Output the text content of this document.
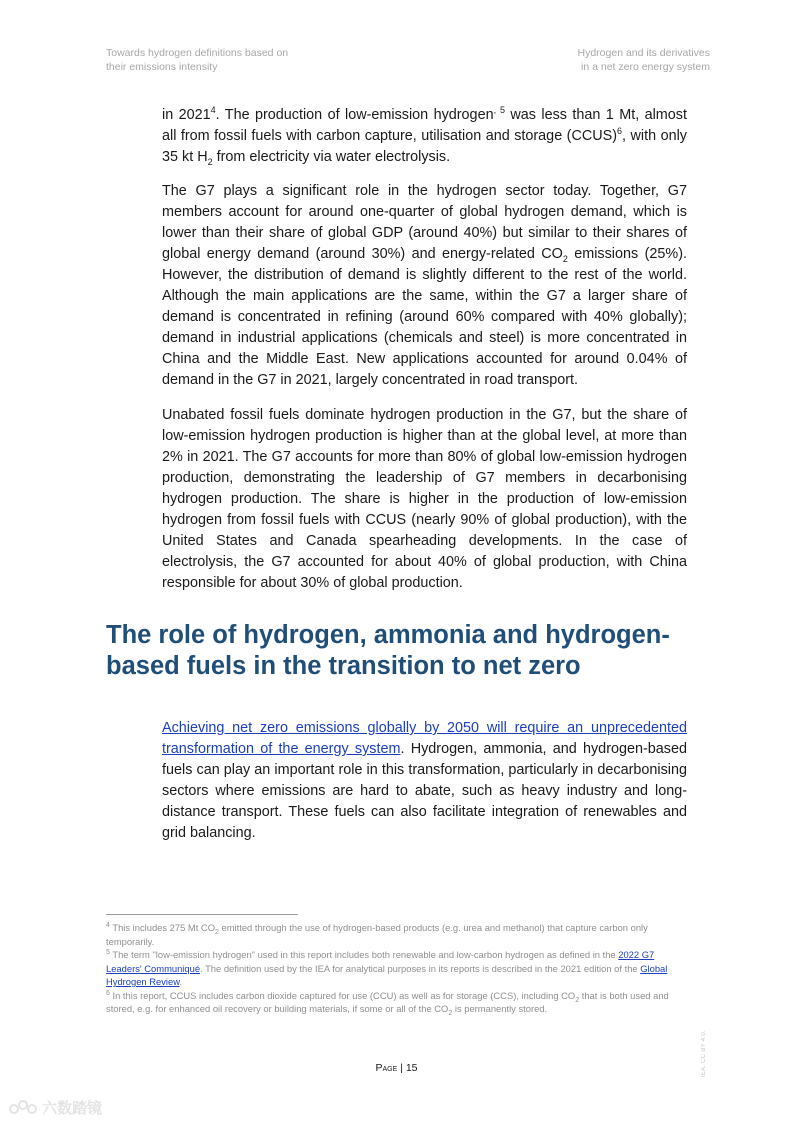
Towards hydrogen definitions based on
their emissions intensity
Hydrogen and its derivatives
in a net zero energy system

in 2021$^4$. The production of low-emission hydrogen$^{, 5}$ was less than 1 Mt, almost all from fossil fuels with carbon capture, utilisation and storage (CCUS)$^6$, with only 35 kt $H_2$ from electricity via water electrolysis.

The G7 plays a significant role in the hydrogen sector today. Together, G7 members account for around one-quarter of global hydrogen demand, which is lower than their share of global GDP (around 40%) but similar to their shares of global energy demand (around 30%) and energy-related $CO_2$ emissions (25%). However, the distribution of demand is slightly different to the rest of the world. Although the main applications are the same, within the G7 a larger share of demand is concentrated in refining (around 60% compared with 40% globally); demand in industrial applications (chemicals and steel) is more concentrated in China and the Middle East. New applications accounted for around 0.04% of demand in the G7 in 2021, largely concentrated in road transport.

Unabated fossil fuels dominate hydrogen production in the G7, but the share of low-emission hydrogen production is higher than at the global level, at more than 2% in 2021. The G7 accounts for more than 80% of global low-emission hydrogen production, demonstrating the leadership of G7 members in decarbonising hydrogen production. The share is higher in the production of low-emission hydrogen from fossil fuels with CCUS (nearly 90% of global production), with the United States and Canada spearheading developments. In the case of electrolysis, the G7 accounted for about 40% of global production, with China responsible for about 30% of global production.

The role of hydrogen, ammonia and hydrogen-based fuels in the transition to net zero

Achieving net zero emissions globally by 2050 will require an unprecedented transformation of the energy system. Hydrogen, ammonia, and hydrogen-based fuels can play an important role in this transformation, particularly in decarbonising sectors where emissions are hard to abate, such as heavy industry and long-distance transport. These fuels can also facilitate integration of renewables and grid balancing.

$^4$ This includes 275 Mt $CO_2$ emitted through the use of hydrogen-based products (e.g. urea and methanol) that capture carbon only temporarily.

$^5$ The term "low-emission hydrogen" used in this report includes both renewable and low-carbon hydrogen as defined in the 2022 G7 Leaders' Communiqué. The definition used by the IEA for analytical purposes in its reports is described in the 2021 edition of the Global Hydrogen Review.

$^6$ In this report, CCUS includes carbon dioxide captured for use (CCU) as well as for storage (CCS), including $CO_2$ that is both used and stored, e.g. for enhanced oil recovery or building materials, if some or all of the $CO_2$ is permanently stored.

Page | 15	IEA. CC BY 4.0.
六数踏镜
